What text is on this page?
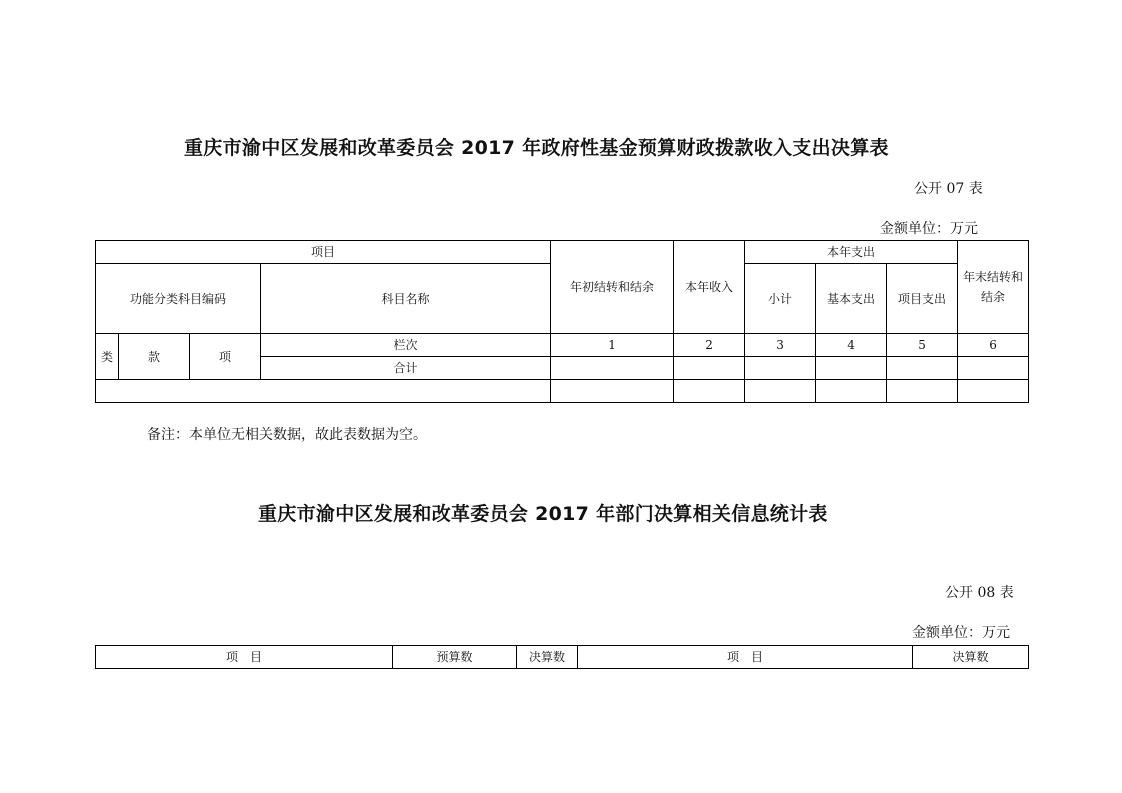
重庆市渝中区发展和改革委员会 2017 年政府性基金预算财政拨款收入支出决算表
公开 07 表
金额单位：万元
项目				年初结转和结余	本年收入	本年支出			年末结转和结余
功能分类科目编码			科目名称			小计	基本支出	项目支出	
类	款	项	栏次	1	2	3	4	5	6
			合计						

备注：本单位无相关数据，故此表数据为空。
重庆市渝中区发展和改革委员会 2017 年部门决算相关信息统计表
公开 08 表
金额单位：万元
项　目	预算数	决算数	项　目	决算数
